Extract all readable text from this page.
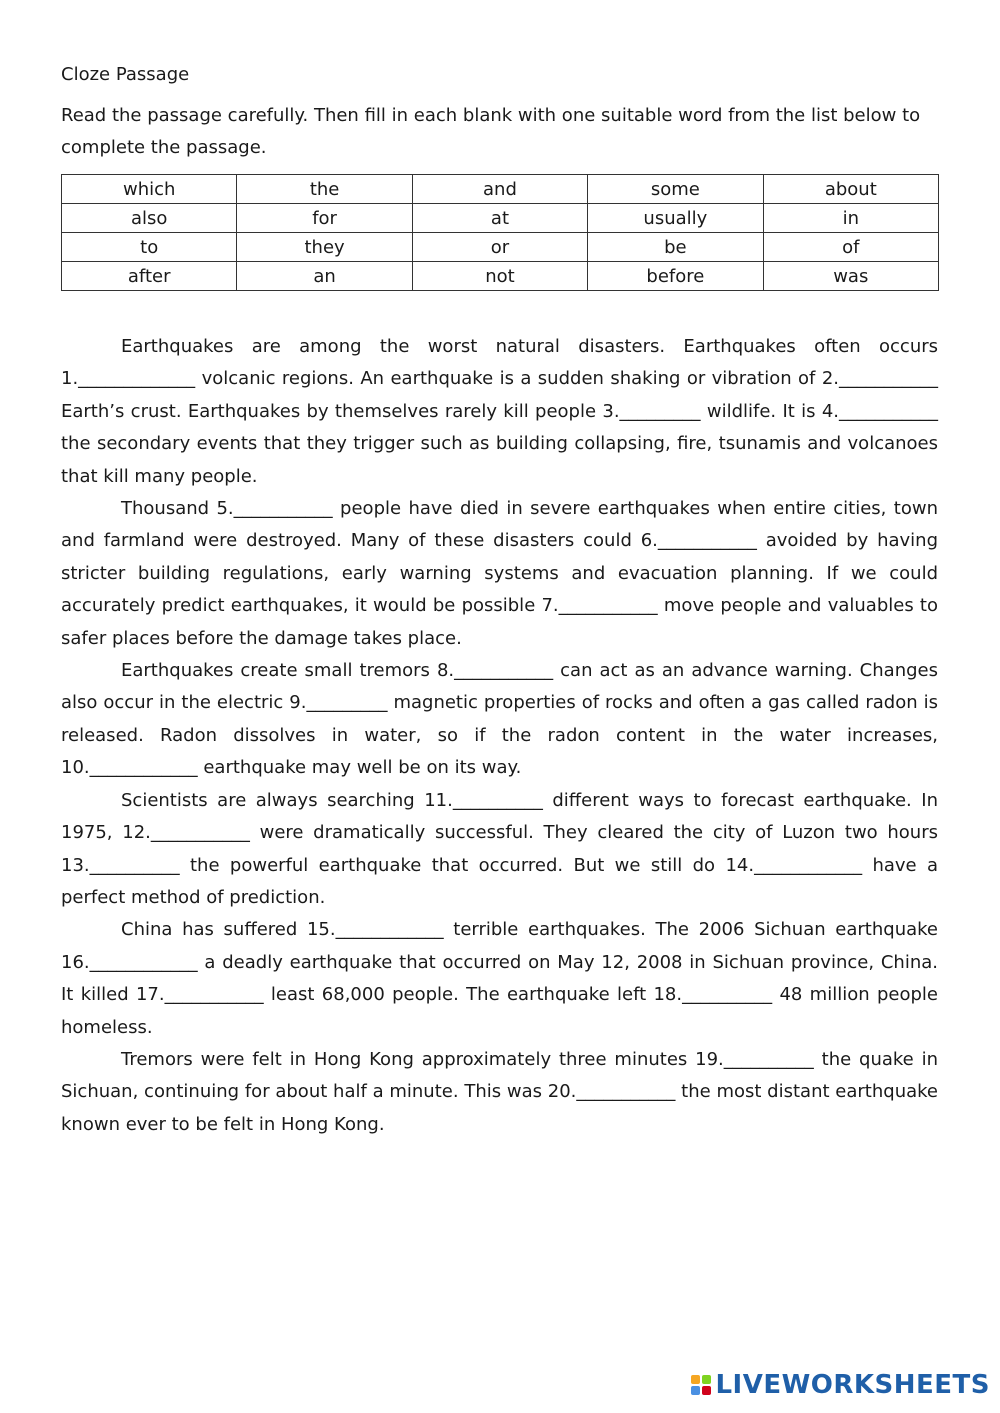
Cloze Passage
Read the passage carefully. Then fill in each blank with one suitable word from the list below to complete the passage.
which	the	and	some	about
also	for	at	usually	in
to	they	or	be	of
after	an	not	before	was

Earthquakes are among the worst natural disasters. Earthquakes often occurs 1._____________ volcanic regions. An earthquake is a sudden shaking or vibration of 2.___________ Earth’s crust. Earthquakes by themselves rarely kill people 3._________ wildlife. It is 4.___________ the secondary events that they trigger such as building collapsing, fire, tsunamis and volcanoes that kill many people.

Thousand 5.___________ people have died in severe earthquakes when entire cities, town and farmland were destroyed. Many of these disasters could 6.___________ avoided by having stricter building regulations, early warning systems and evacuation planning. If we could accurately predict earthquakes, it would be possible 7.___________ move people and valuables to safer places before the damage takes place.

Earthquakes create small tremors 8.___________ can act as an advance warning. Changes also occur in the electric 9._________ magnetic properties of rocks and often a gas called radon is released. Radon dissolves in water, so if the radon content in the water increases, 10.____________ earthquake may well be on its way.

Scientists are always searching 11.__________ different ways to forecast earthquake. In 1975, 12.___________ were dramatically successful. They cleared the city of Luzon two hours 13.__________ the powerful earthquake that occurred. But we still do 14.____________ have a perfect method of prediction.

China has suffered 15.____________ terrible earthquakes. The 2006 Sichuan earthquake 16.____________ a deadly earthquake that occurred on May 12, 2008 in Sichuan province, China. It killed 17.___________ least 68,000 people. The earthquake left 18.__________ 48 million people homeless.

Tremors were felt in Hong Kong approximately three minutes 19.__________ the quake in Sichuan, continuing for about half a minute. This was 20.___________ the most distant earthquake known ever to be felt in Hong Kong.

LIVEWORKSHEETS
